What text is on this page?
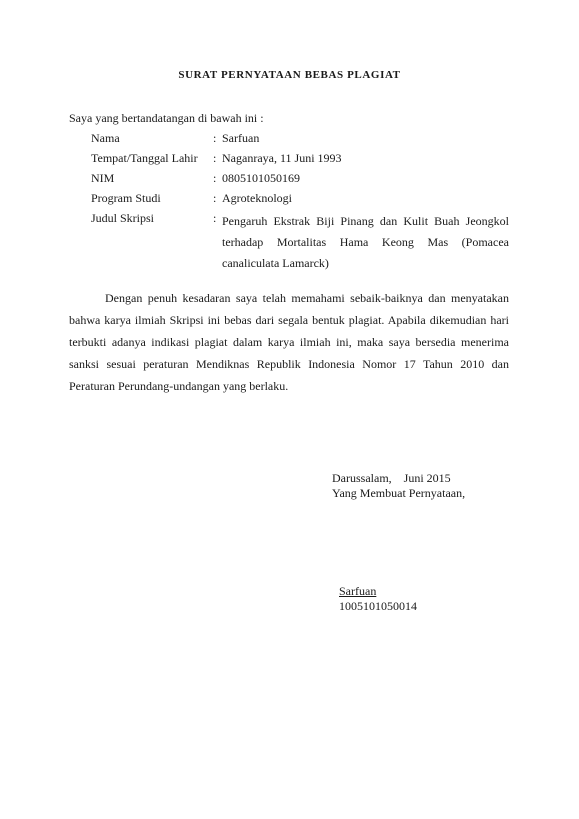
SURAT PERNYATAAN BEBAS PLAGIAT
Saya yang bertandatangan di bawah ini :
Nama	: Sarfuan
Tempat/Tanggal Lahir : Naganraya, 11 Juni 1993
NIM	: 0805101050169
Program Studi	: Agroteknologi
Judul Skripsi	: Pengaruh Ekstrak Biji Pinang dan Kulit Buah Jeongkol
terhadap Mortalitas Hama Keong Mas (Pomacea
canaliculata Lamarck)
Dengan penuh kesadaran saya telah memahami sebaik-baiknya dan menyatakan bahwa karya ilmiah Skripsi ini bebas dari segala bentuk plagiat. Apabila dikemudian hari terbukti adanya indikasi plagiat dalam karya ilmiah ini, maka saya bersedia menerima sanksi sesuai peraturan Mendiknas Republik Indonesia Nomor 17 Tahun 2010 dan Peraturan Perundang-undangan yang berlaku.
Darussalam,    Juni 2015
Yang Membuat Pernyataan,
Sarfuan
1005101050014
